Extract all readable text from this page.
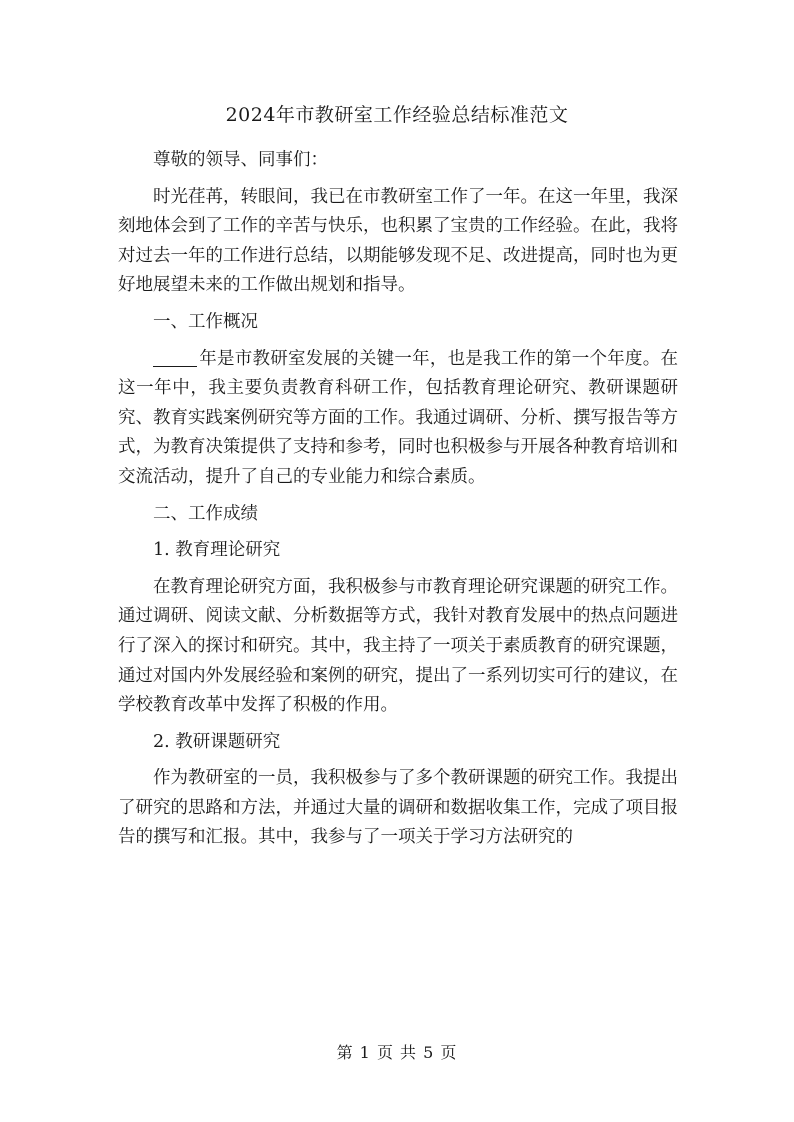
2024年市教研室工作经验总结标准范文

尊敬的领导、同事们：

时光荏苒，转眼间，我已在市教研室工作了一年。在这一年里，我深刻地体会到了工作的辛苦与快乐，也积累了宝贵的工作经验。在此，我将对过去一年的工作进行总结，以期能够发现不足、改进提高，同时也为更好地展望未来的工作做出规划和指导。

一、工作概况

年是市教研室发展的关键一年，也是我工作的第一个年度。在这一年中，我主要负责教育科研工作，包括教育理论研究、教研课题研究、教育实践案例研究等方面的工作。我通过调研、分析、撰写报告等方式，为教育决策提供了支持和参考，同时也积极参与开展各种教育培训和交流活动，提升了自己的专业能力和综合素质。

二、工作成绩

1. 教育理论研究

在教育理论研究方面，我积极参与市教育理论研究课题的研究工作。通过调研、阅读文献、分析数据等方式，我针对教育发展中的热点问题进行了深入的探讨和研究。其中，我主持了一项关于素质教育的研究课题，通过对国内外发展经验和案例的研究，提出了一系列切实可行的建议，在学校教育改革中发挥了积极的作用。

2. 教研课题研究

作为教研室的一员，我积极参与了多个教研课题的研究工作。我提出了研究的思路和方法，并通过大量的调研和数据收集工作，完成了项目报告的撰写和汇报。其中，我参与了一项关于学习方法研究的

第 1 页 共 5 页
